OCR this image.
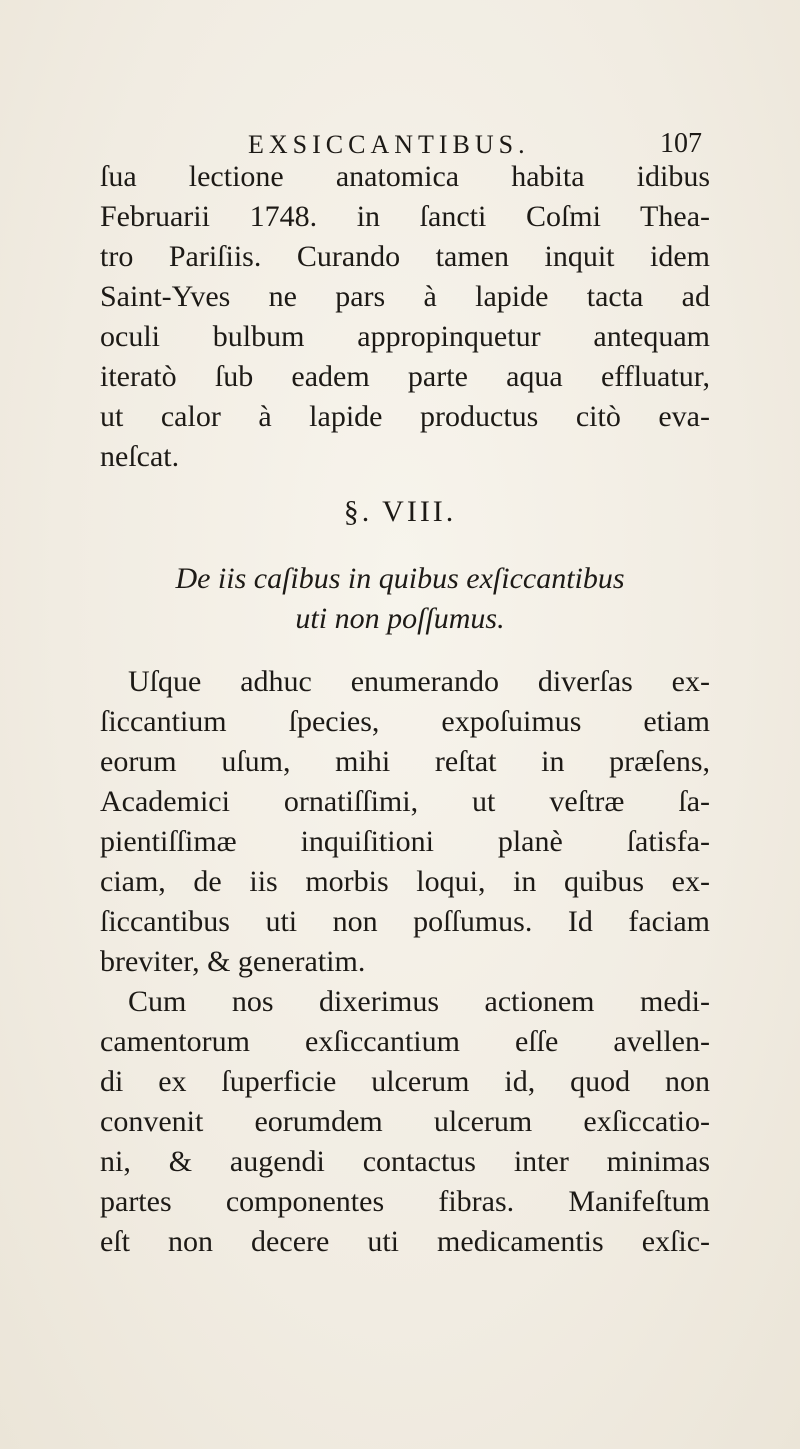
EXSICCANTIBUS.	107
ſua lectione anatomica habita idibus
Februarii 1748. in ſancti Coſmi Thea-
tro Pariſiis. Curando tamen inquit idem
Saint-Yves ne pars à lapide tacta ad
oculi bulbum appropinquetur antequam
iteratò ſub eadem parte aqua effluatur,
ut calor à lapide productus citò eva-
neſcat.
§. VIII.
De iis caſibus in quibus exſiccantibus
uti non poſſumus.
Uſque adhuc enumerando diverſas ex-
ſiccantium ſpecies, expoſuimus etiam
eorum uſum, mihi reſtat in præſens,
Academici ornatiſſimi, ut veſtræ ſa-
pientiſſimæ inquiſitioni planè ſatisfa-
ciam, de iis morbis loqui, in quibus ex-
ſiccantibus uti non poſſumus. Id faciam
breviter, & generatim.
Cum nos dixerimus actionem medi-
camentorum exſiccantium eſſe avellen-
di ex ſuperficie ulcerum id, quod non
convenit eorumdem ulcerum exſiccatio-
ni, & augendi contactus inter minimas
partes componentes fibras. Manifeſtum
eſt non decere uti medicamentis exſic-
